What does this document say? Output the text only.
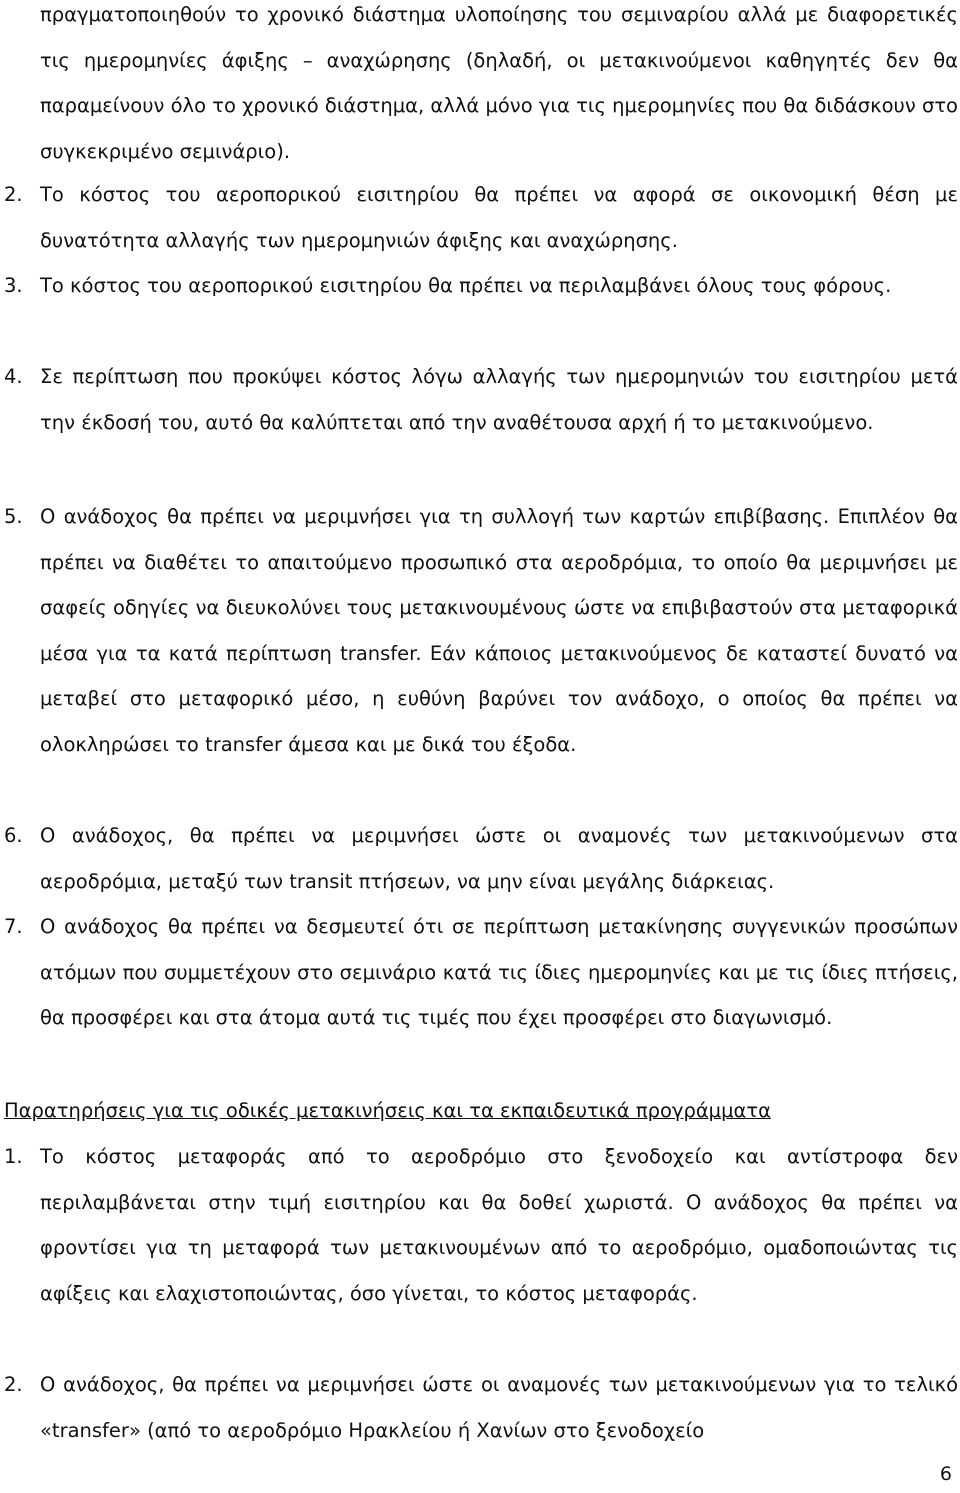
πραγματοποιηθούν το χρονικό διάστημα υλοποίησης του σεμιναρίου αλλά με διαφορετικές τις ημερομηνίες άφιξης – αναχώρησης (δηλαδή, οι μετακινούμενοι καθηγητές δεν θα παραμείνουν όλο το χρονικό διάστημα, αλλά μόνο για τις ημερομηνίες που θα διδάσκουν στο συγκεκριμένο σεμινάριο).

2. Το κόστος του αεροπορικού εισιτηρίου θα πρέπει να αφορά σε οικονομική θέση με δυνατότητα αλλαγής των ημερομηνιών άφιξης και αναχώρησης.
3. Το κόστος του αεροπορικού εισιτηρίου θα πρέπει να περιλαμβάνει όλους τους φόρους.
4. Σε περίπτωση που προκύψει κόστος λόγω αλλαγής των ημερομηνιών του εισιτηρίου μετά την έκδοσή του, αυτό θα καλύπτεται από την αναθέτουσα αρχή ή το μετακινούμενο.
5. Ο ανάδοχος θα πρέπει να μεριμνήσει για τη συλλογή των καρτών επιβίβασης. Επιπλέον θα πρέπει να διαθέτει το απαιτούμενο προσωπικό στα αεροδρόμια, το οποίο θα μεριμνήσει με σαφείς οδηγίες να διευκολύνει τους μετακινουμένους ώστε να επιβιβαστούν στα μεταφορικά μέσα για τα κατά περίπτωση transfer. Εάν κάποιος μετακινούμενος δε καταστεί δυνατό να μεταβεί στο μεταφορικό μέσο, η ευθύνη βαρύνει τον ανάδοχο, ο οποίος θα πρέπει να ολοκληρώσει το transfer άμεσα και με δικά του έξοδα.
6. Ο ανάδοχος, θα πρέπει να μεριμνήσει ώστε οι αναμονές των μετακινούμενων στα αεροδρόμια, μεταξύ των transit πτήσεων, να μην είναι μεγάλης διάρκειας.
7. Ο ανάδοχος θα πρέπει να δεσμευτεί ότι σε περίπτωση μετακίνησης συγγενικών προσώπων ατόμων που συμμετέχουν στο σεμινάριο κατά τις ίδιες ημερομηνίες και με τις ίδιες πτήσεις, θα προσφέρει και στα άτομα αυτά τις τιμές που έχει προσφέρει στο διαγωνισμό.

Παρατηρήσεις για τις οδικές μετακινήσεις και τα εκπαιδευτικά προγράμματα

1. Το κόστος μεταφοράς από το αεροδρόμιο στο ξενοδοχείο και αντίστροφα δεν περιλαμβάνεται στην τιμή εισιτηρίου και θα δοθεί χωριστά. Ο ανάδοχος θα πρέπει να φροντίσει για τη μεταφορά των μετακινουμένων από το αεροδρόμιο, ομαδοποιώντας τις αφίξεις και ελαχιστοποιώντας, όσο γίνεται, το κόστος μεταφοράς.
2. Ο ανάδοχος, θα πρέπει να μεριμνήσει ώστε οι αναμονές των μετακινούμενων για το τελικό «transfer» (από το αεροδρόμιο Ηρακλείου ή Χανίων στο ξενοδοχείο
6
